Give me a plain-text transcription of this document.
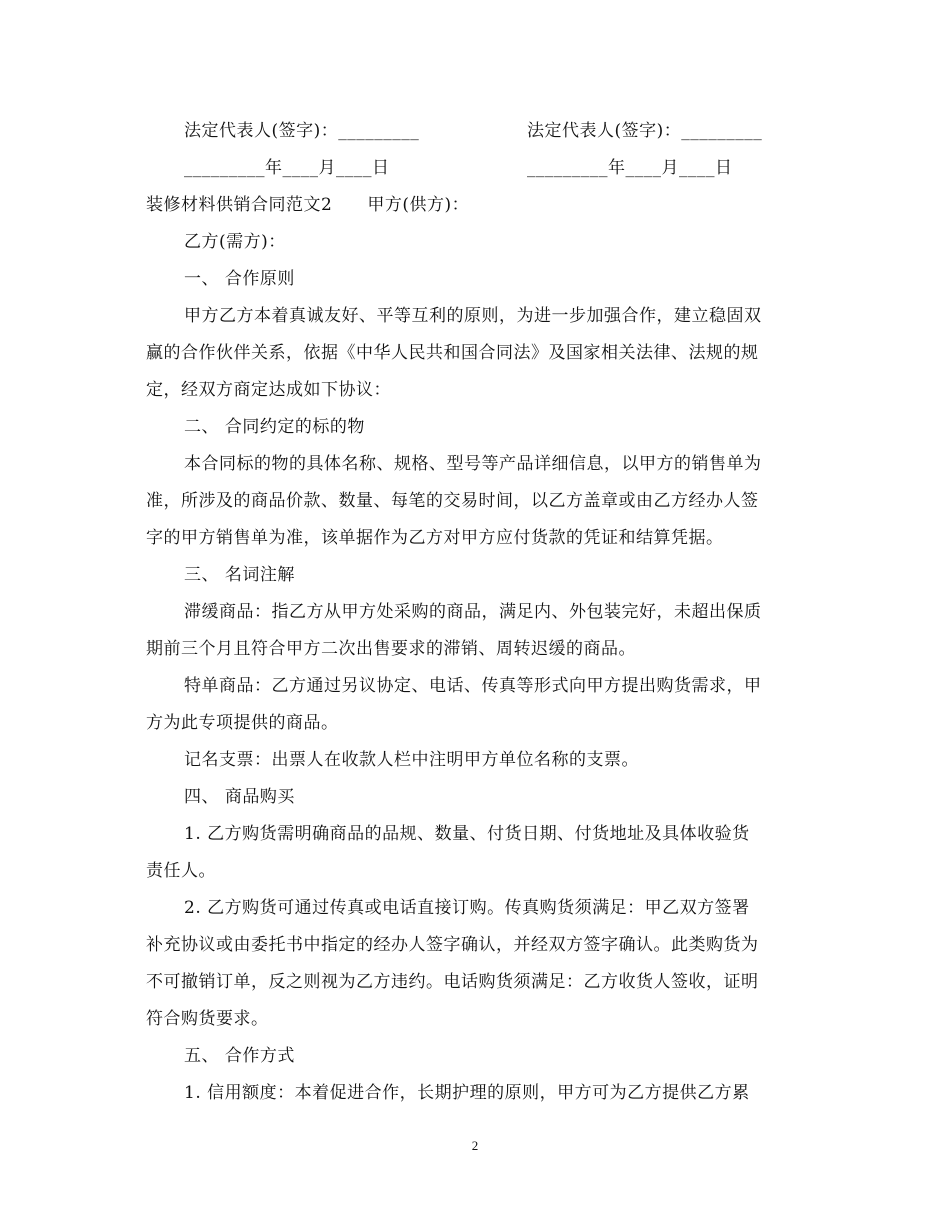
法定代表人(签字)：_________	法定代表人(签字)：_________
_________年____月____日	_________年____月____日
装修材料供销合同范文2　　甲方(供方)：
乙方(需方)：
一、 合作原则
甲方乙方本着真诚友好、平等互利的原则，为进一步加强合作，建立稳固双
赢的合作伙伴关系，依据《中华人民共和国合同法》及国家相关法律、法规的规
定，经双方商定达成如下协议：
二、 合同约定的标的物
本合同标的物的具体名称、规格、型号等产品详细信息，以甲方的销售单为
准，所涉及的商品价款、数量、每笔的交易时间，以乙方盖章或由乙方经办人签
字的甲方销售单为准，该单据作为乙方对甲方应付货款的凭证和结算凭据。
三、 名词注解
滞缓商品：指乙方从甲方处采购的商品，满足内、外包装完好，未超出保质
期前三个月且符合甲方二次出售要求的滞销、周转迟缓的商品。
特单商品：乙方通过另议协定、电话、传真等形式向甲方提出购货需求，甲
方为此专项提供的商品。
记名支票：出票人在收款人栏中注明甲方单位名称的支票。
四、 商品购买
1. 乙方购货需明确商品的品规、数量、付货日期、付货地址及具体收验货
责任人。
2. 乙方购货可通过传真或电话直接订购。传真购货须满足：甲乙双方签署
补充协议或由委托书中指定的经办人签字确认，并经双方签字确认。此类购货为
不可撤销订单，反之则视为乙方违约。电话购货须满足：乙方收货人签收，证明
符合购货要求。
五、 合作方式
1. 信用额度：本着促进合作，长期护理的原则，甲方可为乙方提供乙方累
2
